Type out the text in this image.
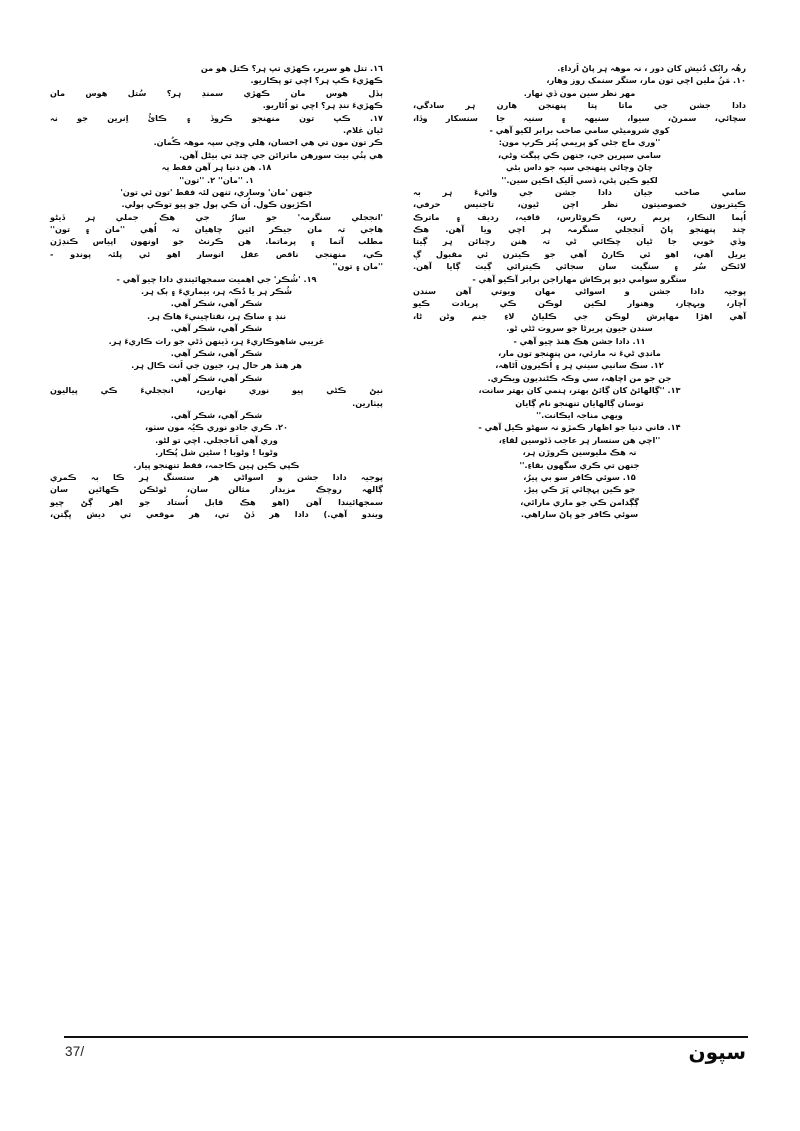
رهُہ رابُک دُنيش کان دور ، نہ موهہ ہر پاڻ اَرداءِ.

١٠. مَنُ ملين اچي تون مار، ستگر سنمک روز وهار،

مهر نظر سين مون ڏي نهار.

دادا جشن جي ماتا پتا پنهنجن هارن ہر سادگي،

سچائي، سمرڻ، سيوا، سنيهہ ۽ سنيہ جا سنسکار وڏا،

کوي شروميٹي سامي صاحب برابر لکيو آهي -

''وري ماڃ جٹي کو پريمي پُتر ڪرپ مون:

سامي سپرين جي، جنهن ڪي پٻگت وٹي،

چاڻ وچائي پنهنجي سپہ جو داس بٹي

لکيو ڪين ٻٹي، ڏسي اَليک اڪين سين.''

سامي صاحب جيان دادا جشن جي واٹيءَ ہر بہ

ڪيتريون خصوصيتون نظر اچن ٹيون، تاجنيس حرفي،

اُپما النڪار، پريم رس، ڪروٹارس، قافيہ، رديف ۽ ماترڪ

چند پنهنجو پاڻ اَنججلي سنگرمہ ہر اچي ويا آهن. هڪ

وڏي خوبي جا ٹيان چڪائي ٹي تہ هنن رچنائن ہر ڳيتا

يريل آهي، اهو ئي ڪارڻ آهي جو ڪيترن ئي مقبول ڳ

لائڪن سُر ۽ سنگيت سان سجائي ڪيترائي ڳيت ڳايا آهن.

ستگرو سوامي ديو پرڪاش مهاراجن برابر آڪيو آهي -

پوجيہ دادا جشن و اسواٹي مهان ويوتي آهن سندن

آچار، ويہچار، وهنوار لڪين لوڪن ڪي پريادت ڪيو

آهي اهڙا مهاپرش لوڪن جي ڪلياڻ لاءِ جنم وٹن ٹا،

سندن جيون پريرٹا جو سروت ٹڻي ٹو.

١١. دادا جشن هڪ هنڌ چيو آهي -

مانڊي ٹيءَ نہ مارئي، من پنهنجو تون مار،

١٢. سڪ سانيي سيني ہر ۽ اُڪيرون اَٹاهہ،

جن جو من اچاهہ، سي وڪہ ڪٹنديون ويڪري.

١٣. ''ڳالهائڻ کان ڳائڻ بهتر، ہنمي کان بهتر سانت،

توسان ڳالهايان تنهنجو نام ڳايان

ويهي مناجہ ايڪانت.''

١۴. فاني دنيا جو اظهار ڪمڙو نہ سهٹو ڪيل آهي -

''اچي هن سنسار ہر عاجب ڏٹوسين لقاءِ،

نہ هڪ مليوسين ڪروڙن ہر،

جنهن تي ڪري سگهون بقاءِ.''

١۵. سوئي ڪافر سو بي پيرُ،

جو ڪين پہچائي پَرَ ڪي پيڑ.

ڳڳدامن ڪي جو ماري مارائي،

سوئي ڪافر جو پاڻ ساراهي.

١٦. تتل هو سرير، ڪهڙي تپ ہر؟ ڪتل هو من

ڪهڙيءَ ڪپ ہر؟ اچي تو پڪاريو.

ٻڏل هوس مان ڪهڙي سمنڊ ہر؟ سُتل هوس مان

ڪهڙيءَ ننڊ ہر؟ اچي تو اُٹاريو.

١٧. ڪپ تون منهنجو ڪروڏ ۽ ڪائُ اِنرين جو نہ

ٹيان غلام.

ڪر تون مون تي هي احسان، هلي وچي سپہ موهہ ڪُمان.

هي ٻنُي بيت سورهن ماترائن جي چند تي بيٹل آهن.

١٨. هن دنيا ہر آهن فقط ٻہ

١. ''مان'' ٢. ''تون''

جنهن 'مان' وساري، تنهن لئہ فقط 'تون ئي تون'

اڪڙيون ڪول. اُن ڪي ٻول جو پيو توڪي ٻولي.

'انججلي سنگرمہ' جو سارُ جي هڪ جملي ہر ڏيٹو

هاجي تہ مان جيڪر ائين چاهيان تہ اُهي ''مان ۽ تون''

مطلب آتما ۽ پرماتما. هن ڪرنٹ جو اونهون اپياس ڪنڊڙن

ڪي، منهنجي ناقص عقل انوسار اهو ئي پلئہ پوندو -

''مان ۽ تون''

١٩. 'شُڪر' جي اهميت سمجهائيندي دادا چيو آهي -

شُڪر ہر يا دُڪہ ہر، بيماريءَ ۽ ٻک ہر.

شڪر آهي، شڪر آهي.

ننڊ ۽ ساڪ ہر، نقتاچينيءَ هاڪ ہر.

شڪر آهي، شڪر آهي.

غريبي شاهوڪاريءَ ہر، ڏينهن ڏٹي جو رات ڪاريءَ ہر.

شڪر آهي، شڪر آهي.

هر هنڌ هر حال ہر، جيون جي اَنت ڪال ہر.

شڪر آهي، شڪر آهي.

نيڻ ڪٹي پيو نوري نهارين، انججليءَ ڪي پياليون

پيٺارين.

شڪر آهي، شڪر آهي.

٢٠. ڪري جادو نوري ڪيُہ مون سٺو،

وري آهي اَناججلي. اچي تو لٹو.

وٹوبا ! وٹوبا ! سٹين شل پُڪار.

ڪپي ڪين ہين ڪاجمہ، فقط تنهنجو پيار.

پوجيہ دادا جشن و اسواٹي هر ستسنگ ہر ڪا بہ ڪمري

ڳالهہ روچڪ مزيدار مثالن سان، ٹوٹڪن ڪهاٹين سان

سمجهائيندا آهن (اهو هڪ قابل اُستاد جو اهر ڳڻ چيو

ويندو آهي.) دادا هر ڏڻ تي، هر موقعي تي ديش ڀڳتن،

37/	سپون
